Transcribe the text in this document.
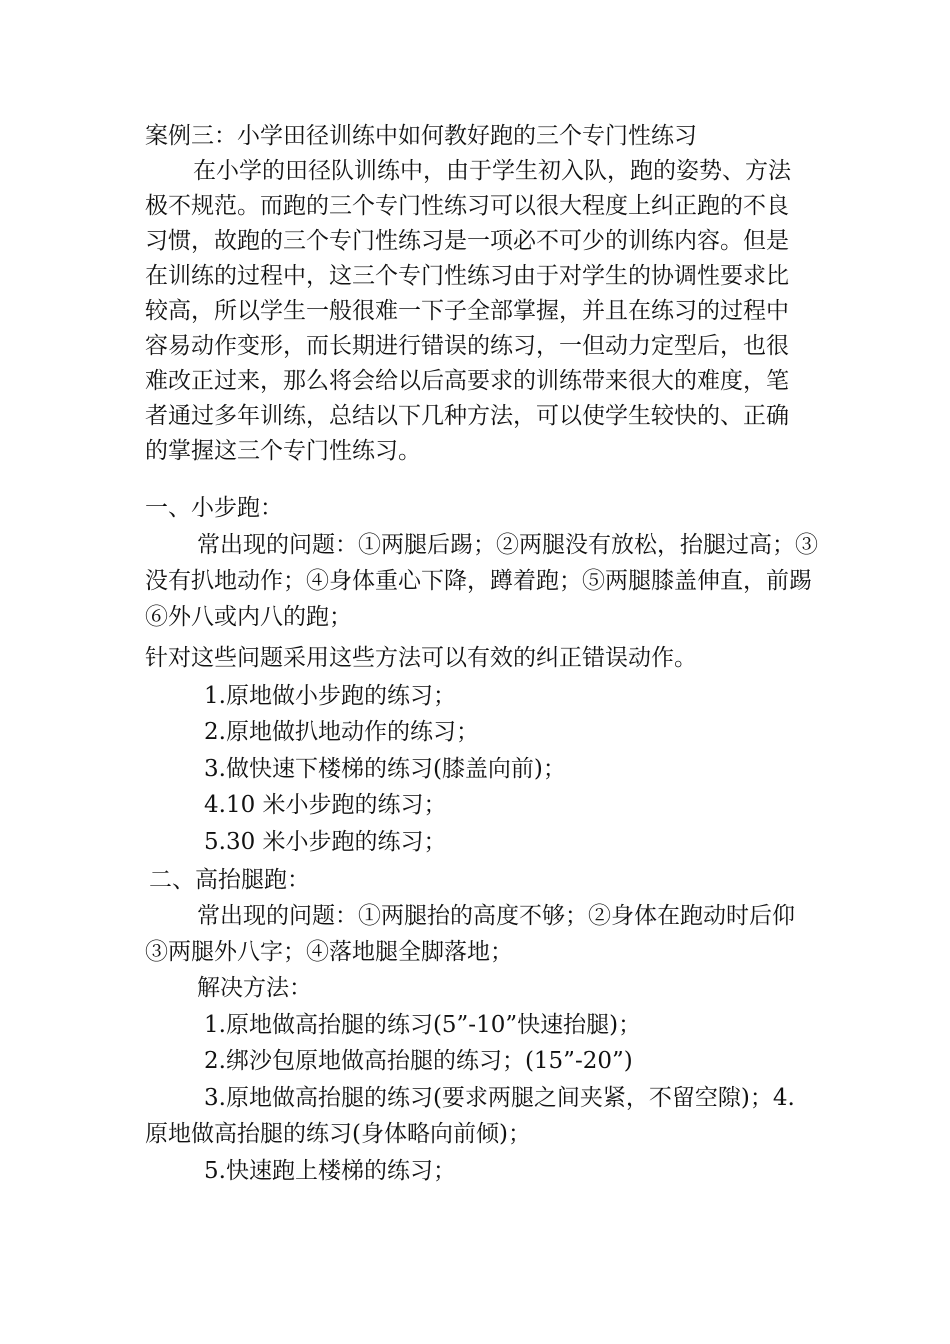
案例三：小学田径训练中如何教好跑的三个专门性练习
在小学的田径队训练中，由于学生初入队，跑的姿势、方法
极不规范。而跑的三个专门性练习可以很大程度上纠正跑的不良
习惯，故跑的三个专门性练习是一项必不可少的训练内容。但是
在训练的过程中，这三个专门性练习由于对学生的协调性要求比
较高，所以学生一般很难一下子全部掌握，并且在练习的过程中
容易动作变形，而长期进行错误的练习，一但动力定型后，也很
难改正过来，那么将会给以后高要求的训练带来很大的难度，笔
者通过多年训练，总结以下几种方法，可以使学生较快的、正确
的掌握这三个专门性练习。
一、小步跑：
常出现的问题：①两腿后踢；②两腿没有放松，抬腿过高；③
没有扒地动作；④身体重心下降，蹲着跑；⑤两腿膝盖伸直，前踢
⑥外八或内八的跑；
针对这些问题采用这些方法可以有效的纠正错误动作。
1.原地做小步跑的练习；
2.原地做扒地动作的练习；
3.做快速下楼梯的练习(膝盖向前)；
4.10 米小步跑的练习；
5.30 米小步跑的练习；
二、高抬腿跑：
常出现的问题：①两腿抬的高度不够；②身体在跑动时后仰
③两腿外八字；④落地腿全脚落地；
解决方法：
1.原地做高抬腿的练习(5”-10”快速抬腿)；
2.绑沙包原地做高抬腿的练习；(15”-20”)
3.原地做高抬腿的练习(要求两腿之间夹紧，不留空隙)；4.
原地做高抬腿的练习(身体略向前倾)；
5.快速跑上楼梯的练习；
